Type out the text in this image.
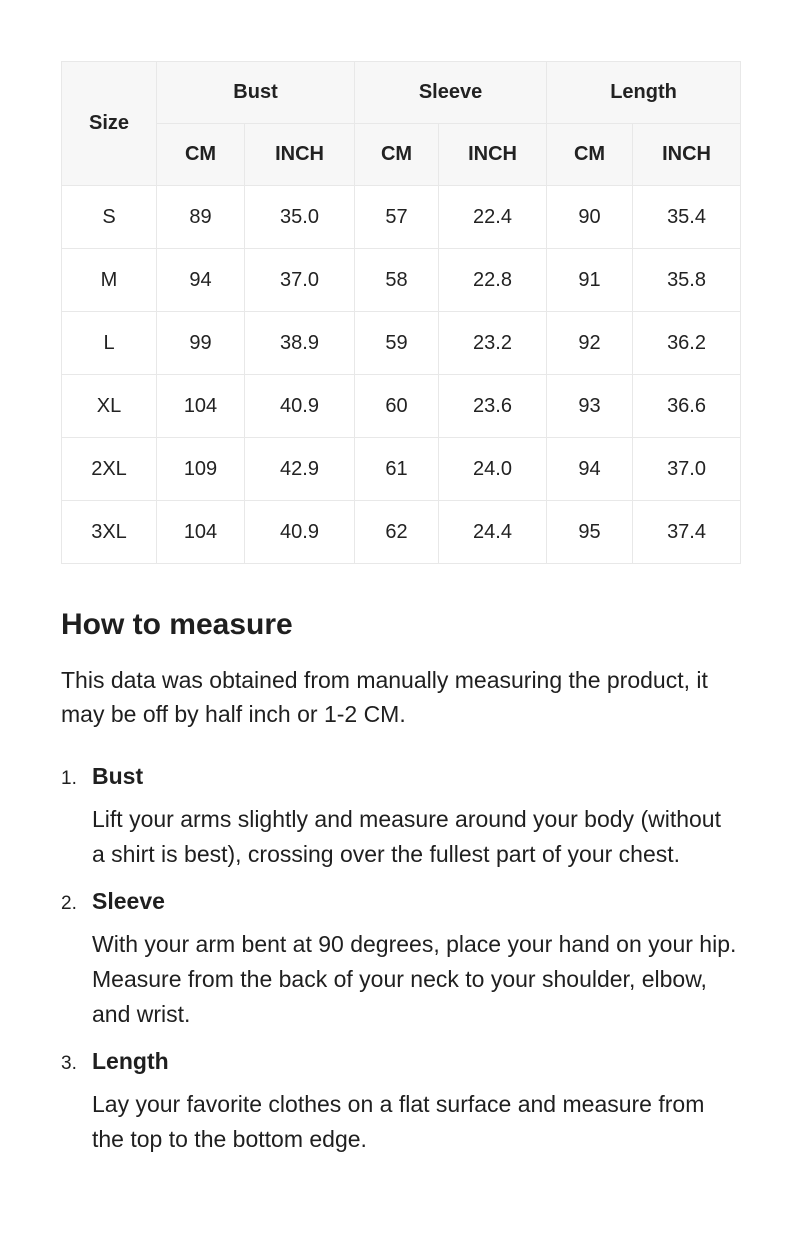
Size	Bust		Sleeve		Length	
	CM	INCH	CM	INCH	CM	INCH
S	89	35.0	57	22.4	90	35.4
M	94	37.0	58	22.8	91	35.8
L	99	38.9	59	23.2	92	36.2
XL	104	40.9	60	23.6	93	36.6
2XL	109	42.9	61	24.0	94	37.0
3XL	104	40.9	62	24.4	95	37.4
How to measure

This data was obtained from manually measuring the product, it may be off by half inch or 1-2 CM.

1. Bust

Lift your arms slightly and measure around your body (without a shirt is best), crossing over the fullest part of your chest.

2. Sleeve

With your arm bent at 90 degrees, place your hand on your hip. Measure from the back of your neck to your shoulder, elbow, and wrist.

3. Length

Lay your favorite clothes on a flat surface and measure from the top to the bottom edge.
